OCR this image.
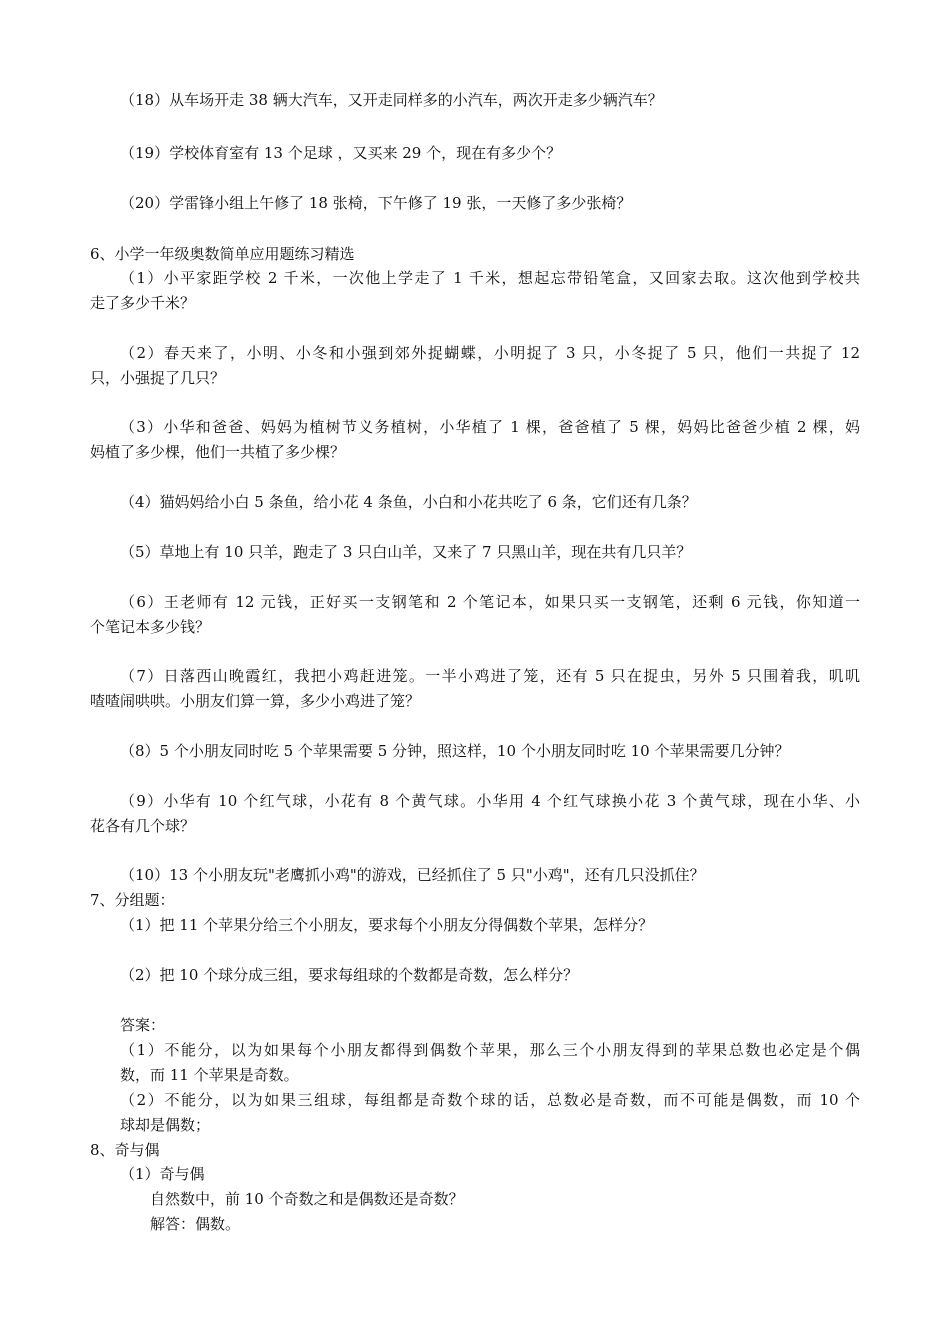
（18）从车场开走 38 辆大汽车，又开走同样多的小汽车，两次开走多少辆汽车？
（19）学校体育室有 13 个足球 ，又买来 29 个，现在有多少个？
（20）学雷锋小组上午修了 18 张椅，下午修了 19 张，一天修了多少张椅？
6、小学一年级奥数简单应用题练习精选
（1）小平家距学校 2 千米，一次他上学走了 1 千米，想起忘带铅笔盒，又回家去取。这次他到学校共
走了多少千米？
（2）春天来了，小明、小冬和小强到郊外捉蝴蝶，小明捉了 3 只，小冬捉了 5 只，他们一共捉了 12
只，小强捉了几只？
（3）小华和爸爸、妈妈为植树节义务植树，小华植了 1 棵，爸爸植了 5 棵，妈妈比爸爸少植 2 棵，妈
妈植了多少棵，他们一共植了多少棵？
（4）猫妈妈给小白 5 条鱼，给小花 4 条鱼，小白和小花共吃了 6 条，它们还有几条？
（5）草地上有 10 只羊，跑走了 3 只白山羊，又来了 7 只黑山羊，现在共有几只羊？
（6）王老师有 12 元钱，正好买一支钢笔和 2 个笔记本，如果只买一支钢笔，还剩 6 元钱，你知道一
个笔记本多少钱？
（7）日落西山晚霞红，我把小鸡赶进笼。一半小鸡进了笼，还有 5 只在捉虫，另外 5 只围着我，叽叽
喳喳闹哄哄。小朋友们算一算，多少小鸡进了笼？
（8）5 个小朋友同时吃 5 个苹果需要 5 分钟，照这样，10 个小朋友同时吃 10 个苹果需要几分钟？
（9）小华有 10 个红气球，小花有 8 个黄气球。小华用 4 个红气球换小花 3 个黄气球，现在小华、小
花各有几个球？
（10）13 个小朋友玩"老鹰抓小鸡"的游戏，已经抓住了 5 只"小鸡"，还有几只没抓住？
7、分组题：
（1）把 11 个苹果分给三个小朋友，要求每个小朋友分得偶数个苹果，怎样分？
（2）把 10 个球分成三组，要求每组球的个数都是奇数，怎么样分？
答案：
（1）不能分，以为如果每个小朋友都得到偶数个苹果，那么三个小朋友得到的苹果总数也必定是个偶
数，而 11 个苹果是奇数。
（2）不能分，以为如果三组球，每组都是奇数个球的话，总数必是奇数，而不可能是偶数，而 10 个
球却是偶数；
8、奇与偶
（1）奇与偶
自然数中，前 10 个奇数之和是偶数还是奇数？
解答：偶数。
